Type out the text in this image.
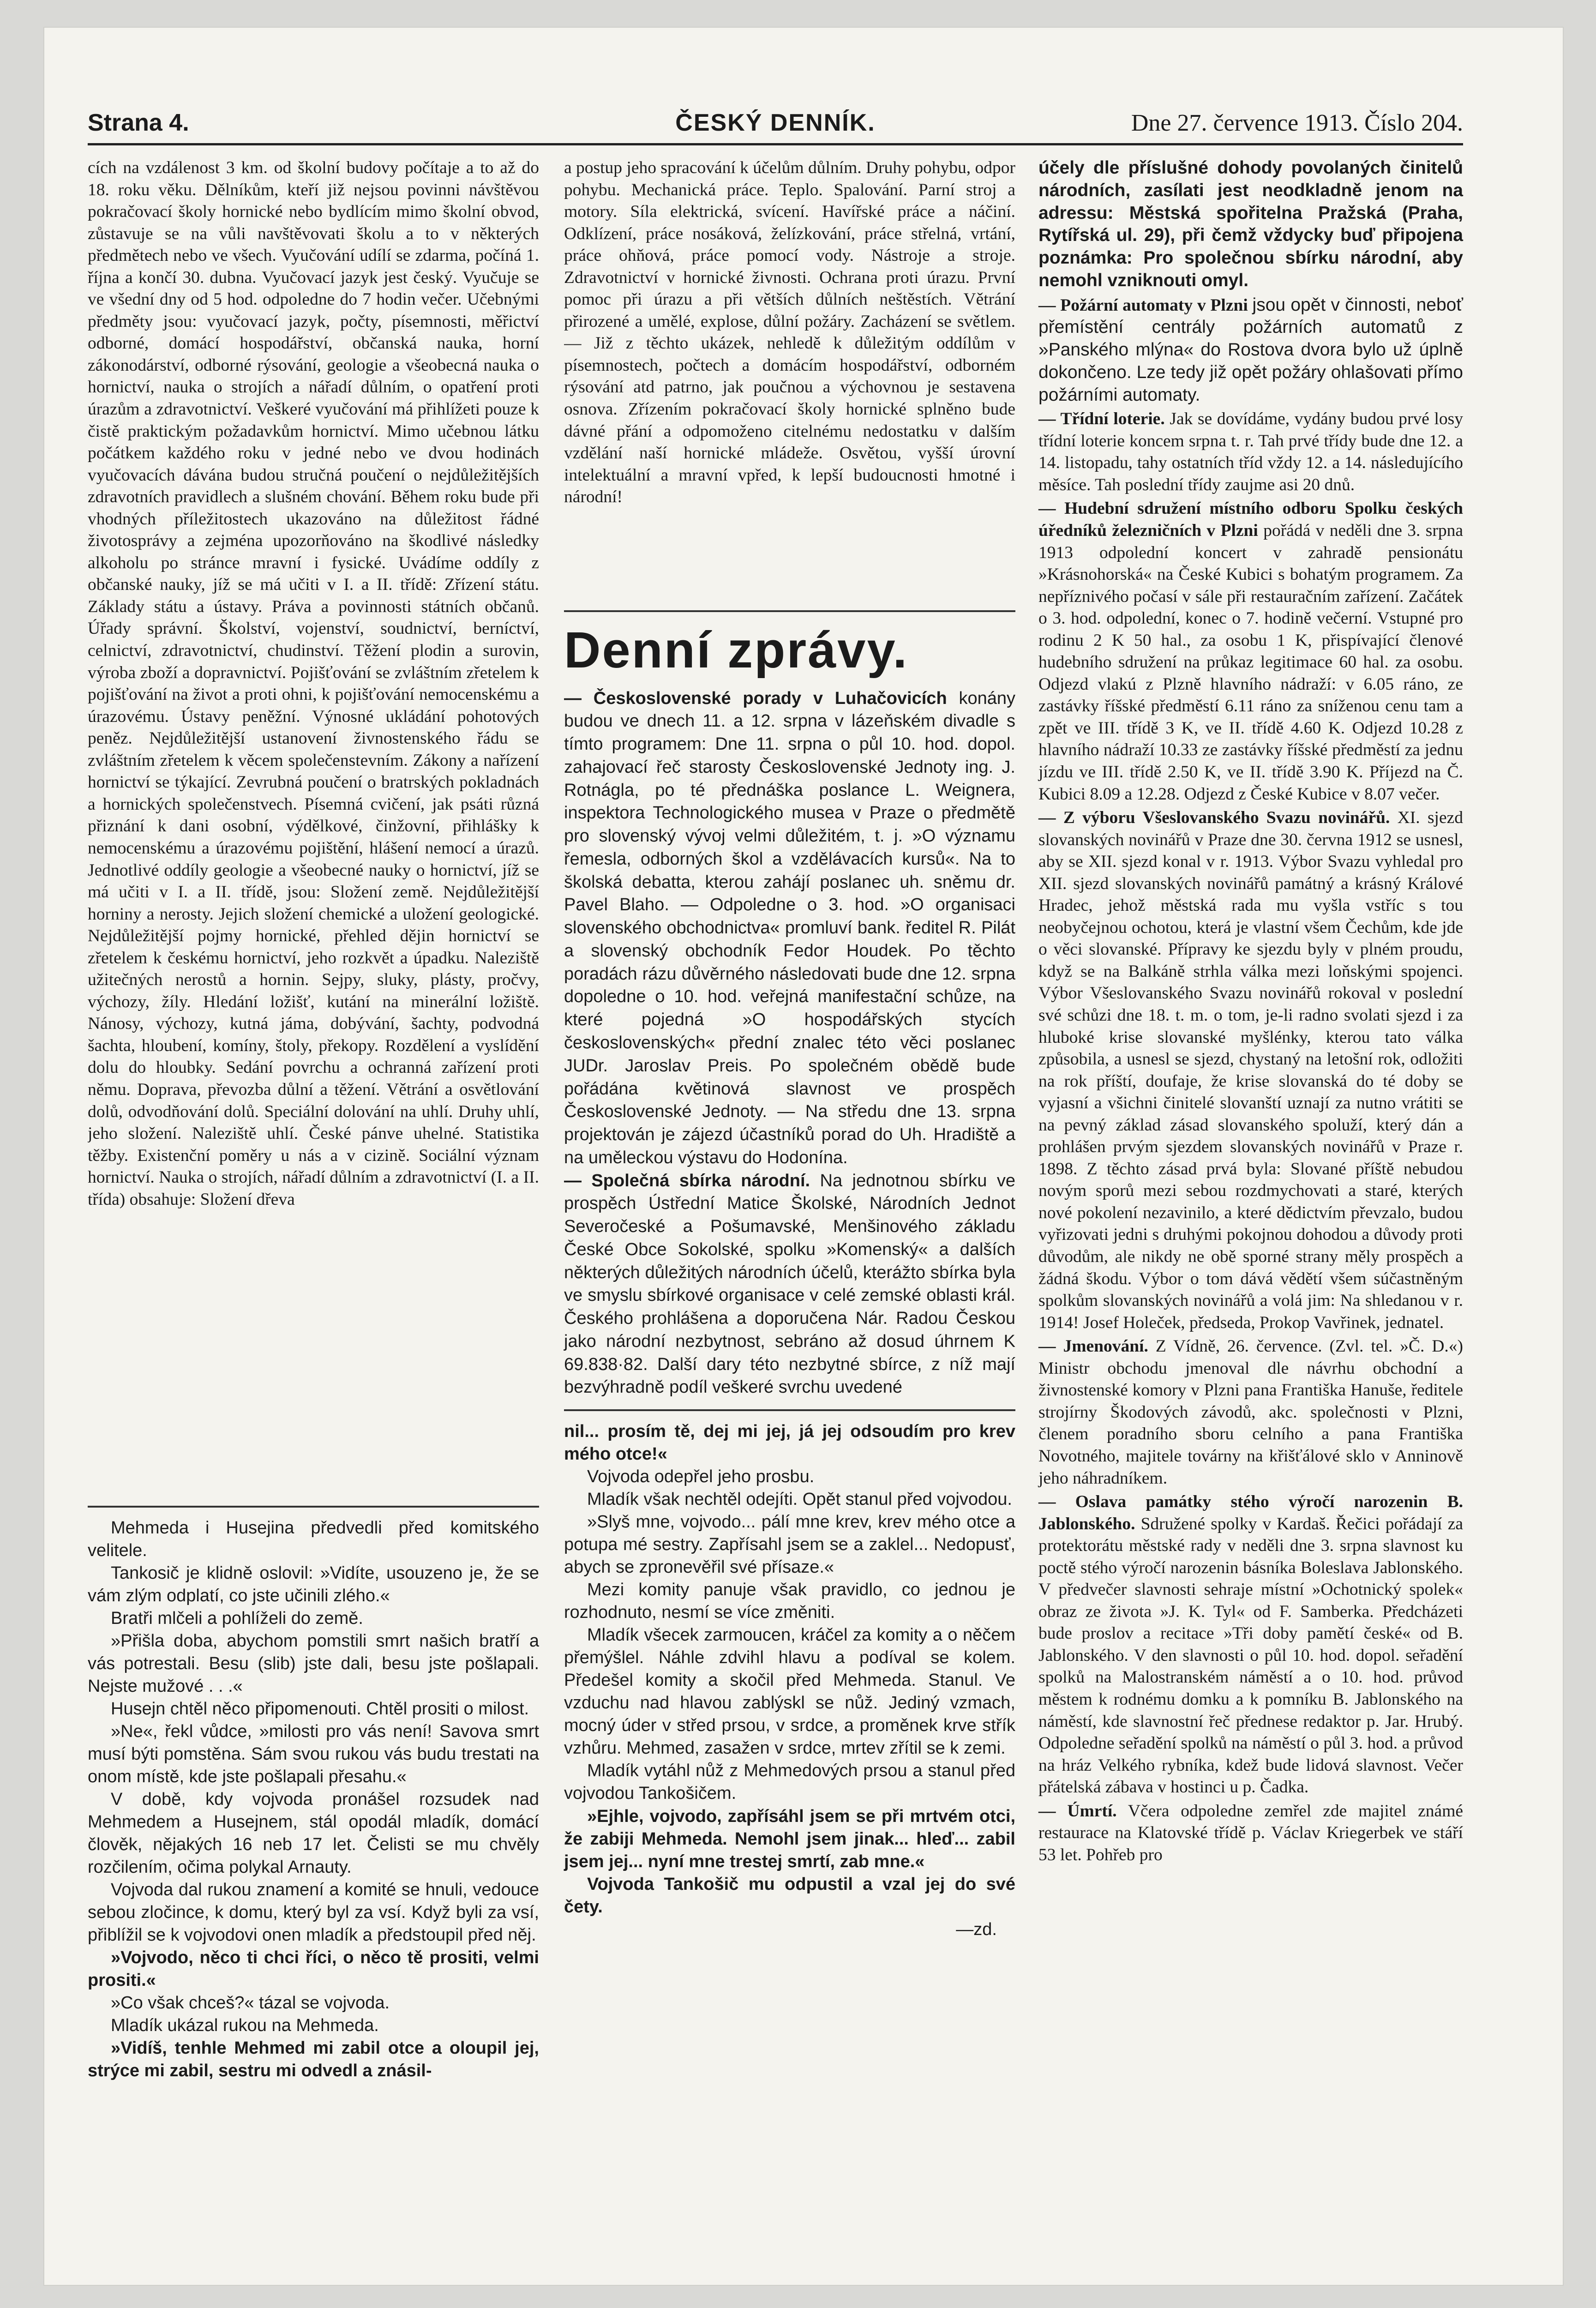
Strana 4.	ČESKÝ DENNÍK.	Dne 27. července 1913. Číslo 204.

cích na vzdálenost 3 km. od školní budovy počítaje a to až do 18. roku věku. Dělníkům, kteří již nejsou povinni návštěvou pokračovací školy hornické nebo bydlícím mimo školní obvod, zůstavuje se na vůli navštěvovati školu a to v některých předmětech nebo ve všech. Vyučování udílí se zdarma, počíná 1. října a končí 30. dubna. Vyučovací jazyk jest český. Vyučuje se ve všední dny od 5 hod. odpoledne do 7 hodin večer. Učebnými předměty jsou: vyučovací jazyk, počty, písemnosti, měřictví odborné, domácí hospodářství, občanská nauka, horní zákonodárství, odborné rýsování, geologie a všeobecná nauka o hornictví, nauka o strojích a nářadí důlním, o opatření proti úrazům a zdravotnictví. Veškeré vyučování má přihlížeti pouze k čistě praktickým požadavkům hornictví. Mimo učebnou látku počátkem každého roku v jedné nebo ve dvou hodinách vyučovacích dávána budou stručná poučení o nejdůležitějších zdravotních pravidlech a slušném chování. Během roku bude při vhodných příležitostech ukazováno na důležitost řádné životosprávy a zejména upozorňováno na škodlivé následky alkoholu po stránce mravní i fysické. Uvádíme oddíly z občanské nauky, jíž se má učiti v I. a II. třídě: Zřízení státu. Základy státu a ústavy. Práva a povinnosti státních občanů. Úřady správní. Školství, vojenství, soudnictví, berníctví, celnictví, zdravotnictví, chudinství. Těžení plodin a surovin, výroba zboží a dopravnictví. Pojišťování se zvláštním zřetelem k pojišťování na život a proti ohni, k pojišťování nemocenskému a úrazovému. Ústavy peněžní. Výnosné ukládání pohotových peněz. Nejdůležitější ustanovení živnostenského řádu se zvláštním zřetelem k věcem společenstevním. Zákony a nařízení hornictví se týkající. Zevrubná poučení o bratrských pokladnách a hornických společenstvech. Písemná cvičení, jak psáti různá přiznání k dani osobní, výdělkové, činžovní, přihlášky k nemocenskému a úrazovému pojištění, hlášení nemocí a úrazů. Jednotlivé oddíly geologie a všeobecné nauky o hornictví, jíž se má učiti v I. a II. třídě, jsou: Složení země. Nejdůležitější horniny a nerosty. Jejich složení chemické a uložení geologické. Nejdůležitější pojmy hornické, přehled dějin hornictví se zřetelem k českému hornictví, jeho rozkvět a úpadku. Naleziště užitečných nerostů a hornin. Sejpy, sluky, plásty, pročvy, výchozy, žíly. Hledání ložišť, kutání na minerální ložiště. Nánosy, výchozy, kutná jáma, dobývání, šachty, podvodná šachta, hloubení, komíny, štoly, překopy. Rozdělení a vyslídění dolu do hloubky. Sedání povrchu a ochranná zařízení proti němu. Doprava, převozba důlní a těžení. Větrání a osvětlování dolů, odvodňování dolů. Speciální dolování na uhlí. Druhy uhlí, jeho složení. Naleziště uhlí. České pánve uhelné. Statistika těžby. Existenční poměry u nás a v cizině. Sociální význam hornictví. Nauka o strojích, nářadí důlním a zdravotnictví (I. a II. třída) obsahuje: Složení dřeva

Mehmeda i Husejina předvedli před komitského velitele.

Tankosič je klidně oslovil: »Vidíte, usouzeno je, že se vám zlým odplatí, co jste učinili zlého.«

Bratři mlčeli a pohlíželi do země.

»Přišla doba, abychom pomstili smrt našich bratří a vás potrestali. Besu (slib) jste dali, besu jste pošlapali. Nejste mužové . . .«

Husejn chtěl něco připomenouti. Chtěl prositi o milost.

»Ne«, řekl vůdce, »milosti pro vás není! Savova smrt musí býti pomstěna. Sám svou rukou vás budu trestati na onom místě, kde jste pošlapali přesahu.«

V době, kdy vojvoda pronášel rozsudek nad Mehmedem a Husejnem, stál opodál mladík, domácí člověk, nějakých 16 neb 17 let. Čelisti se mu chvěly rozčilením, očima polykal Arnauty.

Vojvoda dal rukou znamení a komité se hnuli, vedouce sebou zločince, k domu, který byl za vsí. Když byli za vsí, přiblížil se k vojvodovi onen mladík a předstoupil před něj.

»Vojvodo, něco ti chci říci, o něco tě prositi, velmi prositi.«

»Co však chceš?« tázal se vojvoda.

Mladík ukázal rukou na Mehmeda.

»Vidíš, tenhle Mehmed mi zabil otce a oloupil jej, strýce mi zabil, sestru mi odvedl a znásil-

a postup jeho spracování k účelům důlním. Druhy pohybu, odpor pohybu. Mechanická práce. Teplo. Spalování. Parní stroj a motory. Síla elektrická, svícení. Havířské práce a náčiní. Odklízení, práce nosáková, želízkování, práce střelná, vrtání, práce ohňová, práce pomocí vody. Nástroje a stroje. Zdravotnictví v hornické živnosti. Ochrana proti úrazu. První pomoc při úrazu a při větších důlních neštěstích. Větrání přirozené a umělé, explose, důlní požáry. Zacházení se světlem. — Již z těchto ukázek, nehledě k důležitým oddílům v písemnostech, počtech a domácím hospodářství, odborném rýsování atd patrno, jak poučnou a výchovnou je sestavena osnova. Zřízením pokračovací školy hornické splněno bude dávné přání a odpomoženo citelnému nedostatku v dalším vzdělání naší hornické mládeže. Osvětou, vyšší úrovní intelektuální a mravní vpřed, k lepší budoucnosti hmotné i národní!

Denní zprávy.

— Československé porady v Luhačovicích konány budou ve dnech 11. a 12. srpna v lázeňském divadle s tímto programem: Dne 11. srpna o půl 10. hod. dopol. zahajovací řeč starosty Československé Jednoty ing. J. Rotnágla, po té přednáška poslance L. Weignera, inspektora Technologického musea v Praze o předmětě pro slovenský vývoj velmi důležitém, t. j. »O významu řemesla, odborných škol a vzdělávacích kursů«. Na to školská debatta, kterou zahájí poslanec uh. sněmu dr. Pavel Blaho. — Odpoledne o 3. hod. »O organisaci slovenského obchodnictva« promluví bank. ředitel R. Pilát a slovenský obchodník Fedor Houdek. Po těchto poradách rázu důvěrného následovati bude dne 12. srpna dopoledne o 10. hod. veřejná manifestační schůze, na které pojedná »O hospodářských stycích československých« přední znalec této věci poslanec JUDr. Jaroslav Preis. Po společném obědě bude pořádána květinová slavnost ve prospěch Československé Jednoty. — Na středu dne 13. srpna projektován je zájezd účastníků porad do Uh. Hradiště a na uměleckou výstavu do Hodonína.

— Společná sbírka národní. Na jednotnou sbírku ve prospěch Ústřední Matice Školské, Národních Jednot Severočeské a Pošumavské, Menšinového základu České Obce Sokolské, spolku »Komenský« a dalších některých důležitých národních účelů, kterážto sbírka byla ve smyslu sbírkové organisace v celé zemské oblasti král. Českého prohlášena a doporučena Nár. Radou Českou jako národní nezbytnost, sebráno až dosud úhrnem K 69.838·82. Další dary této nezbytné sbírce, z níž mají bezvýhradně podíl veškeré svrchu uvedené

nil... prosím tě, dej mi jej, já jej odsoudím pro krev mého otce!«

Vojvoda odepřel jeho prosbu.

Mladík však nechtěl odejíti. Opět stanul před vojvodou.

»Slyš mne, vojvodo... pálí mne krev, krev mého otce a potupa mé sestry. Zapřísahl jsem se a zaklel... Nedopusť, abych se zpronevěřil své přísaze.«

Mezi komity panuje však pravidlo, co jednou je rozhodnuto, nesmí se více změniti.

Mladík všecek zarmoucen, kráčel za komity a o něčem přemýšlel. Náhle zdvihl hlavu a podíval se kolem. Předešel komity a skočil před Mehmeda. Stanul. Ve vzduchu nad hlavou zablýskl se nůž. Jediný vzmach, mocný úder v střed prsou, v srdce, a proměnek krve střík vzhůru. Mehmed, zasažen v srdce, mrtev zřítil se k zemi.

Mladík vytáhl nůž z Mehmedových prsou a stanul před vojvodou Tankošičem.

»Ejhle, vojvodo, zapřísáhl jsem se při mrtvém otci, že zabiji Mehmeda. Nemohl jsem jinak... hleď... zabil jsem jej... nyní mne trestej smrtí, zab mne.«

Vojvoda Tankošič mu odpustil a vzal jej do své čety.

—zd.

účely dle příslušné dohody povolaných činitelů národních, zasílati jest neodkladně jenom na adressu: Městská spořitelna Pražská (Praha, Rytířská ul. 29), při čemž vždycky buď připojena poznámka: Pro společnou sbírku národní, aby nemohl vzniknouti omyl.

— Požární automaty v Plzni jsou opět v činnosti, neboť přemístění centrály požárních automatů z »Panského mlýna« do Rostova dvora bylo už úplně dokončeno. Lze tedy již opět požáry ohlašovati přímo požárními automaty.

— Třídní loterie. Jak se dovídáme, vydány budou prvé losy třídní loterie koncem srpna t. r. Tah prvé třídy bude dne 12. a 14. listopadu, tahy ostatních tříd vždy 12. a 14. následujícího měsíce. Tah poslední třídy zaujme asi 20 dnů.

— Hudební sdružení místního odboru Spolku českých úředníků železničních v Plzni pořádá v neděli dne 3. srpna 1913 odpolední koncert v zahradě pensionátu »Krásnohorská« na České Kubici s bohatým programem. Za nepříznivého počasí v sále při restauračním zařízení. Začátek o 3. hod. odpolední, konec o 7. hodině večerní. Vstupné pro rodinu 2 K 50 hal., za osobu 1 K, přispívající členové hudebního sdružení na průkaz legitimace 60 hal. za osobu. Odjezd vlakú z Plzně hlavního nádraží: v 6.05 ráno, ze zastávky říšské předměstí 6.11 ráno za sníženou cenu tam a zpět ve III. třídě 3 K, ve II. třídě 4.60 K. Odjezd 10.28 z hlavního nádraží 10.33 ze zastávky říšské předměstí za jednu jízdu ve III. třídě 2.50 K, ve II. třídě 3.90 K. Příjezd na Č. Kubici 8.09 a 12.28. Odjezd z České Kubice v 8.07 večer.

— Z výboru Všeslovanského Svazu novinářů. XI. sjezd slovanských novinářů v Praze dne 30. června 1912 se usnesl, aby se XII. sjezd konal v r. 1913. Výbor Svazu vyhledal pro XII. sjezd slovanských novinářů památný a krásný Králové Hradec, jehož městská rada mu vyšla vstříc s tou neobyčejnou ochotou, která je vlastní všem Čechům, kde jde o věci slovanské. Přípravy ke sjezdu byly v plném proudu, když se na Balkáně strhla válka mezi loňskými spojenci. Výbor Všeslovanského Svazu novinářů rokoval v poslední své schůzi dne 18. t. m. o tom, je-li radno svolati sjezd i za hluboké krise slovanské myšlénky, kterou tato válka způsobila, a usnesl se sjezd, chystaný na letošní rok, odložiti na rok příští, doufaje, že krise slovanská do té doby se vyjasní a všichni činitelé slovanští uznají za nutno vrátiti se na pevný základ zásad slovanského spoluží, který dán a prohlášen prvým sjezdem slovanských novinářů v Praze r. 1898. Z těchto zásad prvá byla: Slované příště nebudou novým sporů mezi sebou rozdmychovati a staré, kterých nové pokolení nezavinilo, a které dědictvím převzalo, budou vyřizovati jedni s druhými pokojnou dohodou a důvody proti důvodům, ale nikdy ne obě sporné strany měly prospěch a žádná škodu. Výbor o tom dává vědětí všem súčastněným spolkům slovanských novinářů a volá jim: Na shledanou v r. 1914! Josef Holeček, předseda, Prokop Vavřinek, jednatel.

— Jmenování. Z Vídně, 26. července. (Zvl. tel. »Č. D.«) Ministr obchodu jmenoval dle návrhu obchodní a živnostenské komory v Plzni pana Františka Hanuše, ředitele strojírny Škodových závodů, akc. společnosti v Plzni, členem poradního sboru celního a pana Františka Novotného, majitele továrny na křišťálové sklo v Anninově jeho náhradníkem.

— Oslava památky stého výročí narozenin B. Jablonského. Sdružené spolky v Kardaš. Řečici pořádají za protektorátu městské rady v neděli dne 3. srpna slavnost ku poctě stého výročí narozenin básníka Boleslava Jablonského. V předvečer slavnosti sehraje místní »Ochotnický spolek« obraz ze života »J. K. Tyl« od F. Samberka. Předcházeti bude proslov a recitace »Tři doby pamětí české« od B. Jablonského. V den slavnosti o půl 10. hod. dopol. seřadění spolků na Malostranském náměstí a o 10. hod. průvod městem k rodnému domku a k pomníku B. Jablonského na náměstí, kde slavnostní řeč přednese redaktor p. Jar. Hrubý. Odpoledne seřadění spolků na náměstí o půl 3. hod. a průvod na hráz Velkého rybníka, kdež bude lidová slavnost. Večer přátelská zábava v hostinci u p. Čadka.

— Úmrtí. Včera odpoledne zemřel zde majitel známé restaurace na Klatovské třídě p. Václav Kriegerbek ve stáří 53 let. Pohřeb pro
